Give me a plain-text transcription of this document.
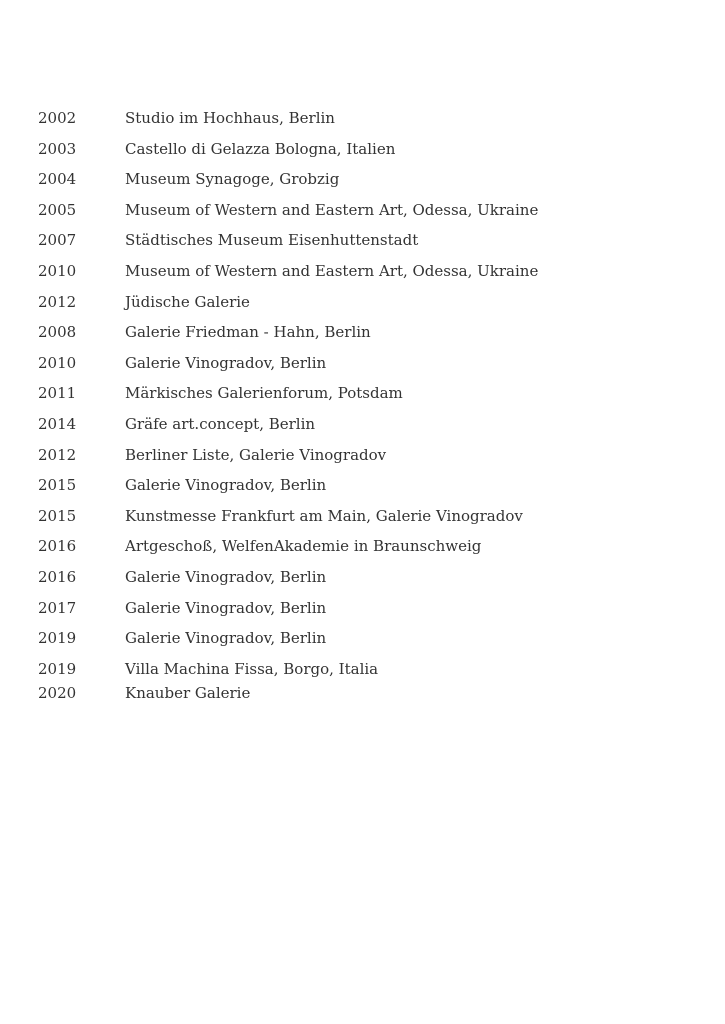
2002	Studio im Hochhaus, Berlin
2003	Castello di Gelazza Bologna, Italien
2004	Museum Synagoge, Grobzig
2005	Museum of Western and Eastern Art, Odessa, Ukraine
2007	Städtisches Museum Eisenhuttenstadt
2010	Museum of Western and Eastern Art, Odessa, Ukraine
2012	Jüdische Galerie
2008	Galerie Friedman - Hahn, Berlin
2010	Galerie Vinogradov, Berlin
2011	Märkisches Galerienforum, Potsdam
2014	Gräfe art.concept, Berlin
2012	Berliner Liste, Galerie Vinogradov
2015	Galerie Vinogradov, Berlin
2015	Kunstmesse Frankfurt am Main, Galerie Vinogradov
2016	Artgeschoß, WelfenAkademie in Braunschweig
2016	Galerie Vinogradov, Berlin
2017	Galerie Vinogradov, Berlin
2019	Galerie Vinogradov, Berlin
2019	Villa Machina Fissa, Borgo, Italia
2020	Knauber Galerie
